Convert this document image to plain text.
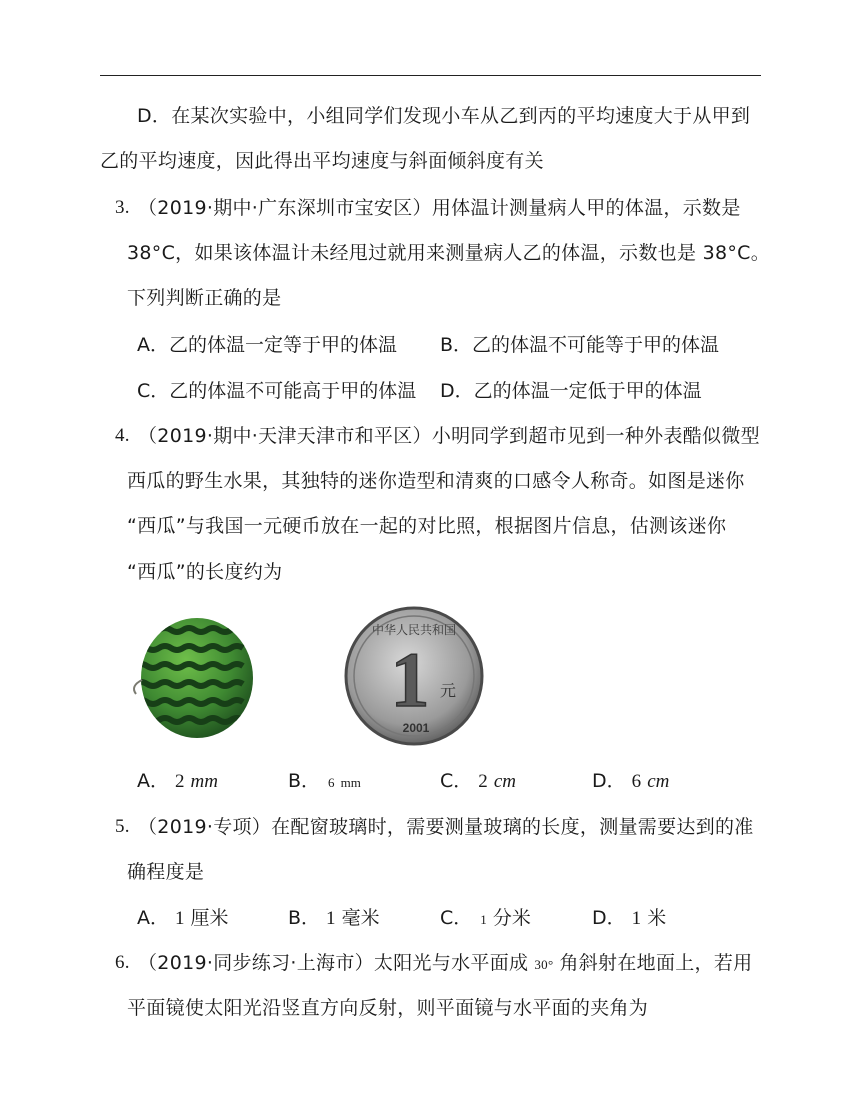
D．在某次实验中，小组同学们发现小车从乙到丙的平均速度大于从甲到
乙的平均速度，因此得出平均速度与斜面倾斜度有关
3. （2019·期中·广东深圳市宝安区）用体温计测量病人甲的体温，示数是
38°C，如果该体温计未经甩过就用来测量病人乙的体温，示数也是 38°C。
下列判断正确的是
A．乙的体温一定等于甲的体温 B．乙的体温不可能等于甲的体温
C．乙的体温不可能高于甲的体温 D．乙的体温一定低于甲的体温
4. （2019·期中·天津天津市和平区）小明同学到超市见到一种外表酷似微型
西瓜的野生水果，其独特的迷你造型和清爽的口感令人称奇。如图是迷你
“西瓜”与我国一元硬币放在一起的对比照，根据图片信息，估测该迷你
“西瓜”的长度约为
中华人民共和国
1 元
2001
A． 2 mm	B． 6 mm	C． 2 cm	D． 6 cm
5. （2019·专项）在配窗玻璃时，需要测量玻璃的长度，测量需要达到的准
确程度是
A． 1 厘米	B． 1 毫米	C． 1 分米	D． 1 米
6. （2019·同步练习·上海市）太阳光与水平面成 30° 角斜射在地面上，若用
平面镜使太阳光沿竖直方向反射，则平面镜与水平面的夹角为
